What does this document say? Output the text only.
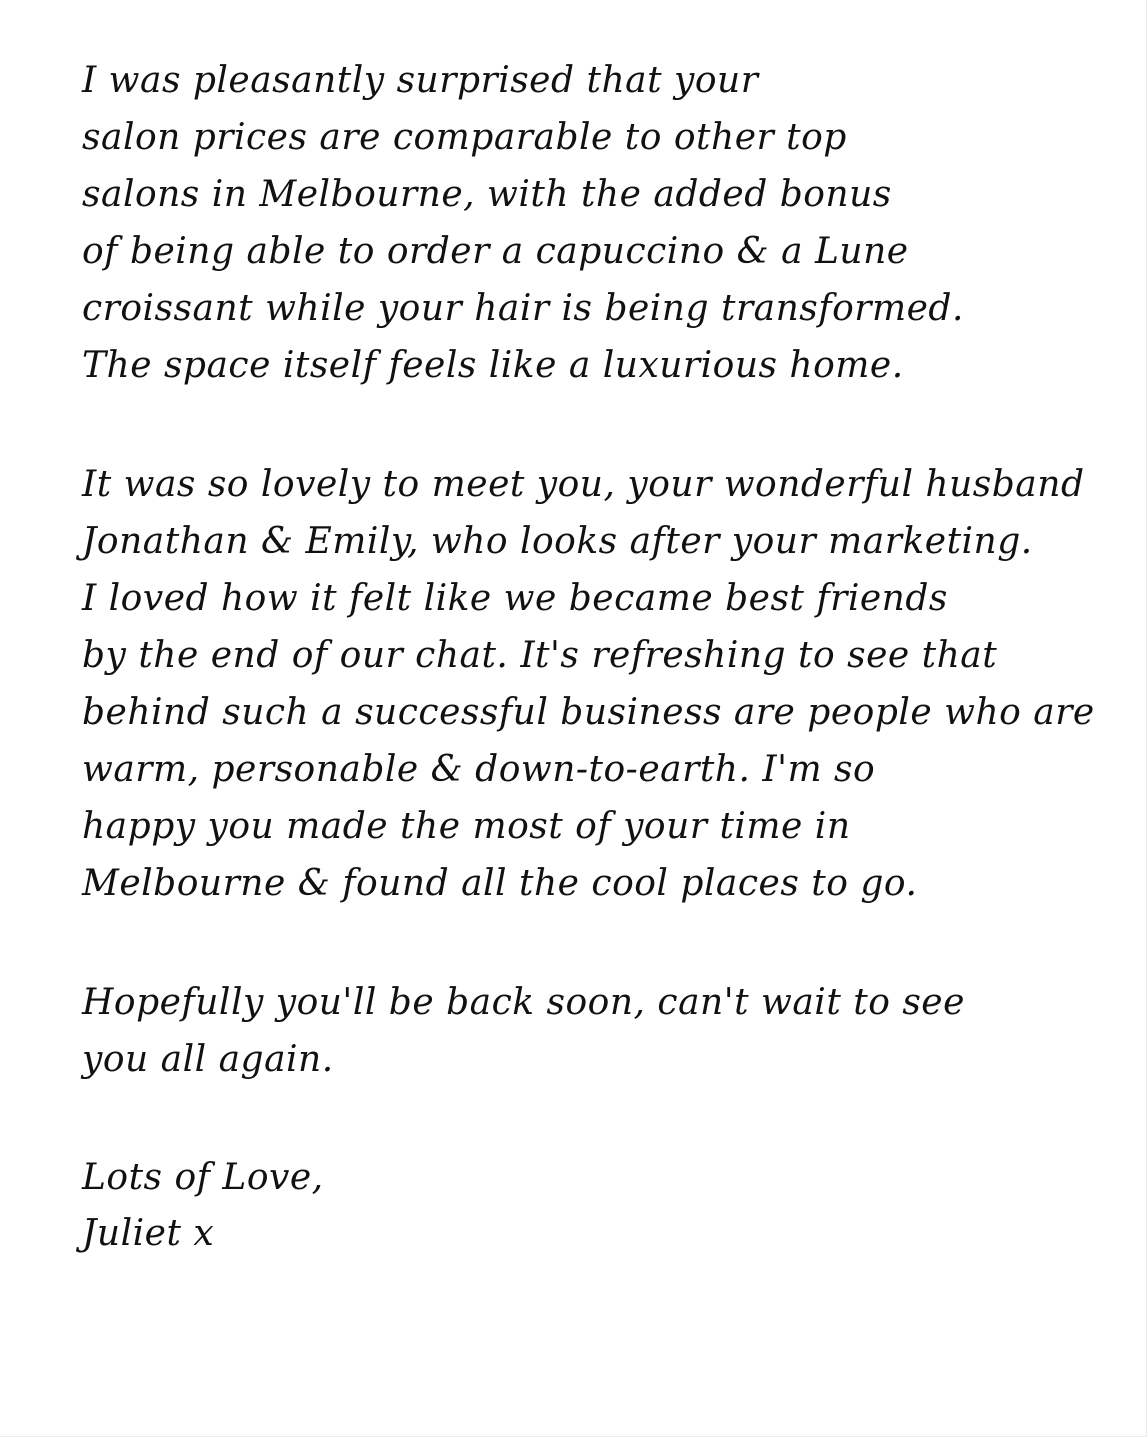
I was pleasantly surprised that your
salon prices are comparable to other top
salons in Melbourne, with the added bonus
of being able to order a capuccino & a Lune
croissant while your hair is being transformed.
The space itself feels like a luxurious home.
It was so lovely to meet you, your wonderful husband
Jonathan & Emily, who looks after your marketing.
I loved how it felt like we became best friends
by the end of our chat. It's refreshing to see that
behind such a successful business are people who are
warm, personable & down-to-earth. I'm so
happy you made the most of your time in
Melbourne & found all the cool places to go.
Hopefully you'll be back soon, can't wait to see
you all again.
Lots of Love,
Juliet x
